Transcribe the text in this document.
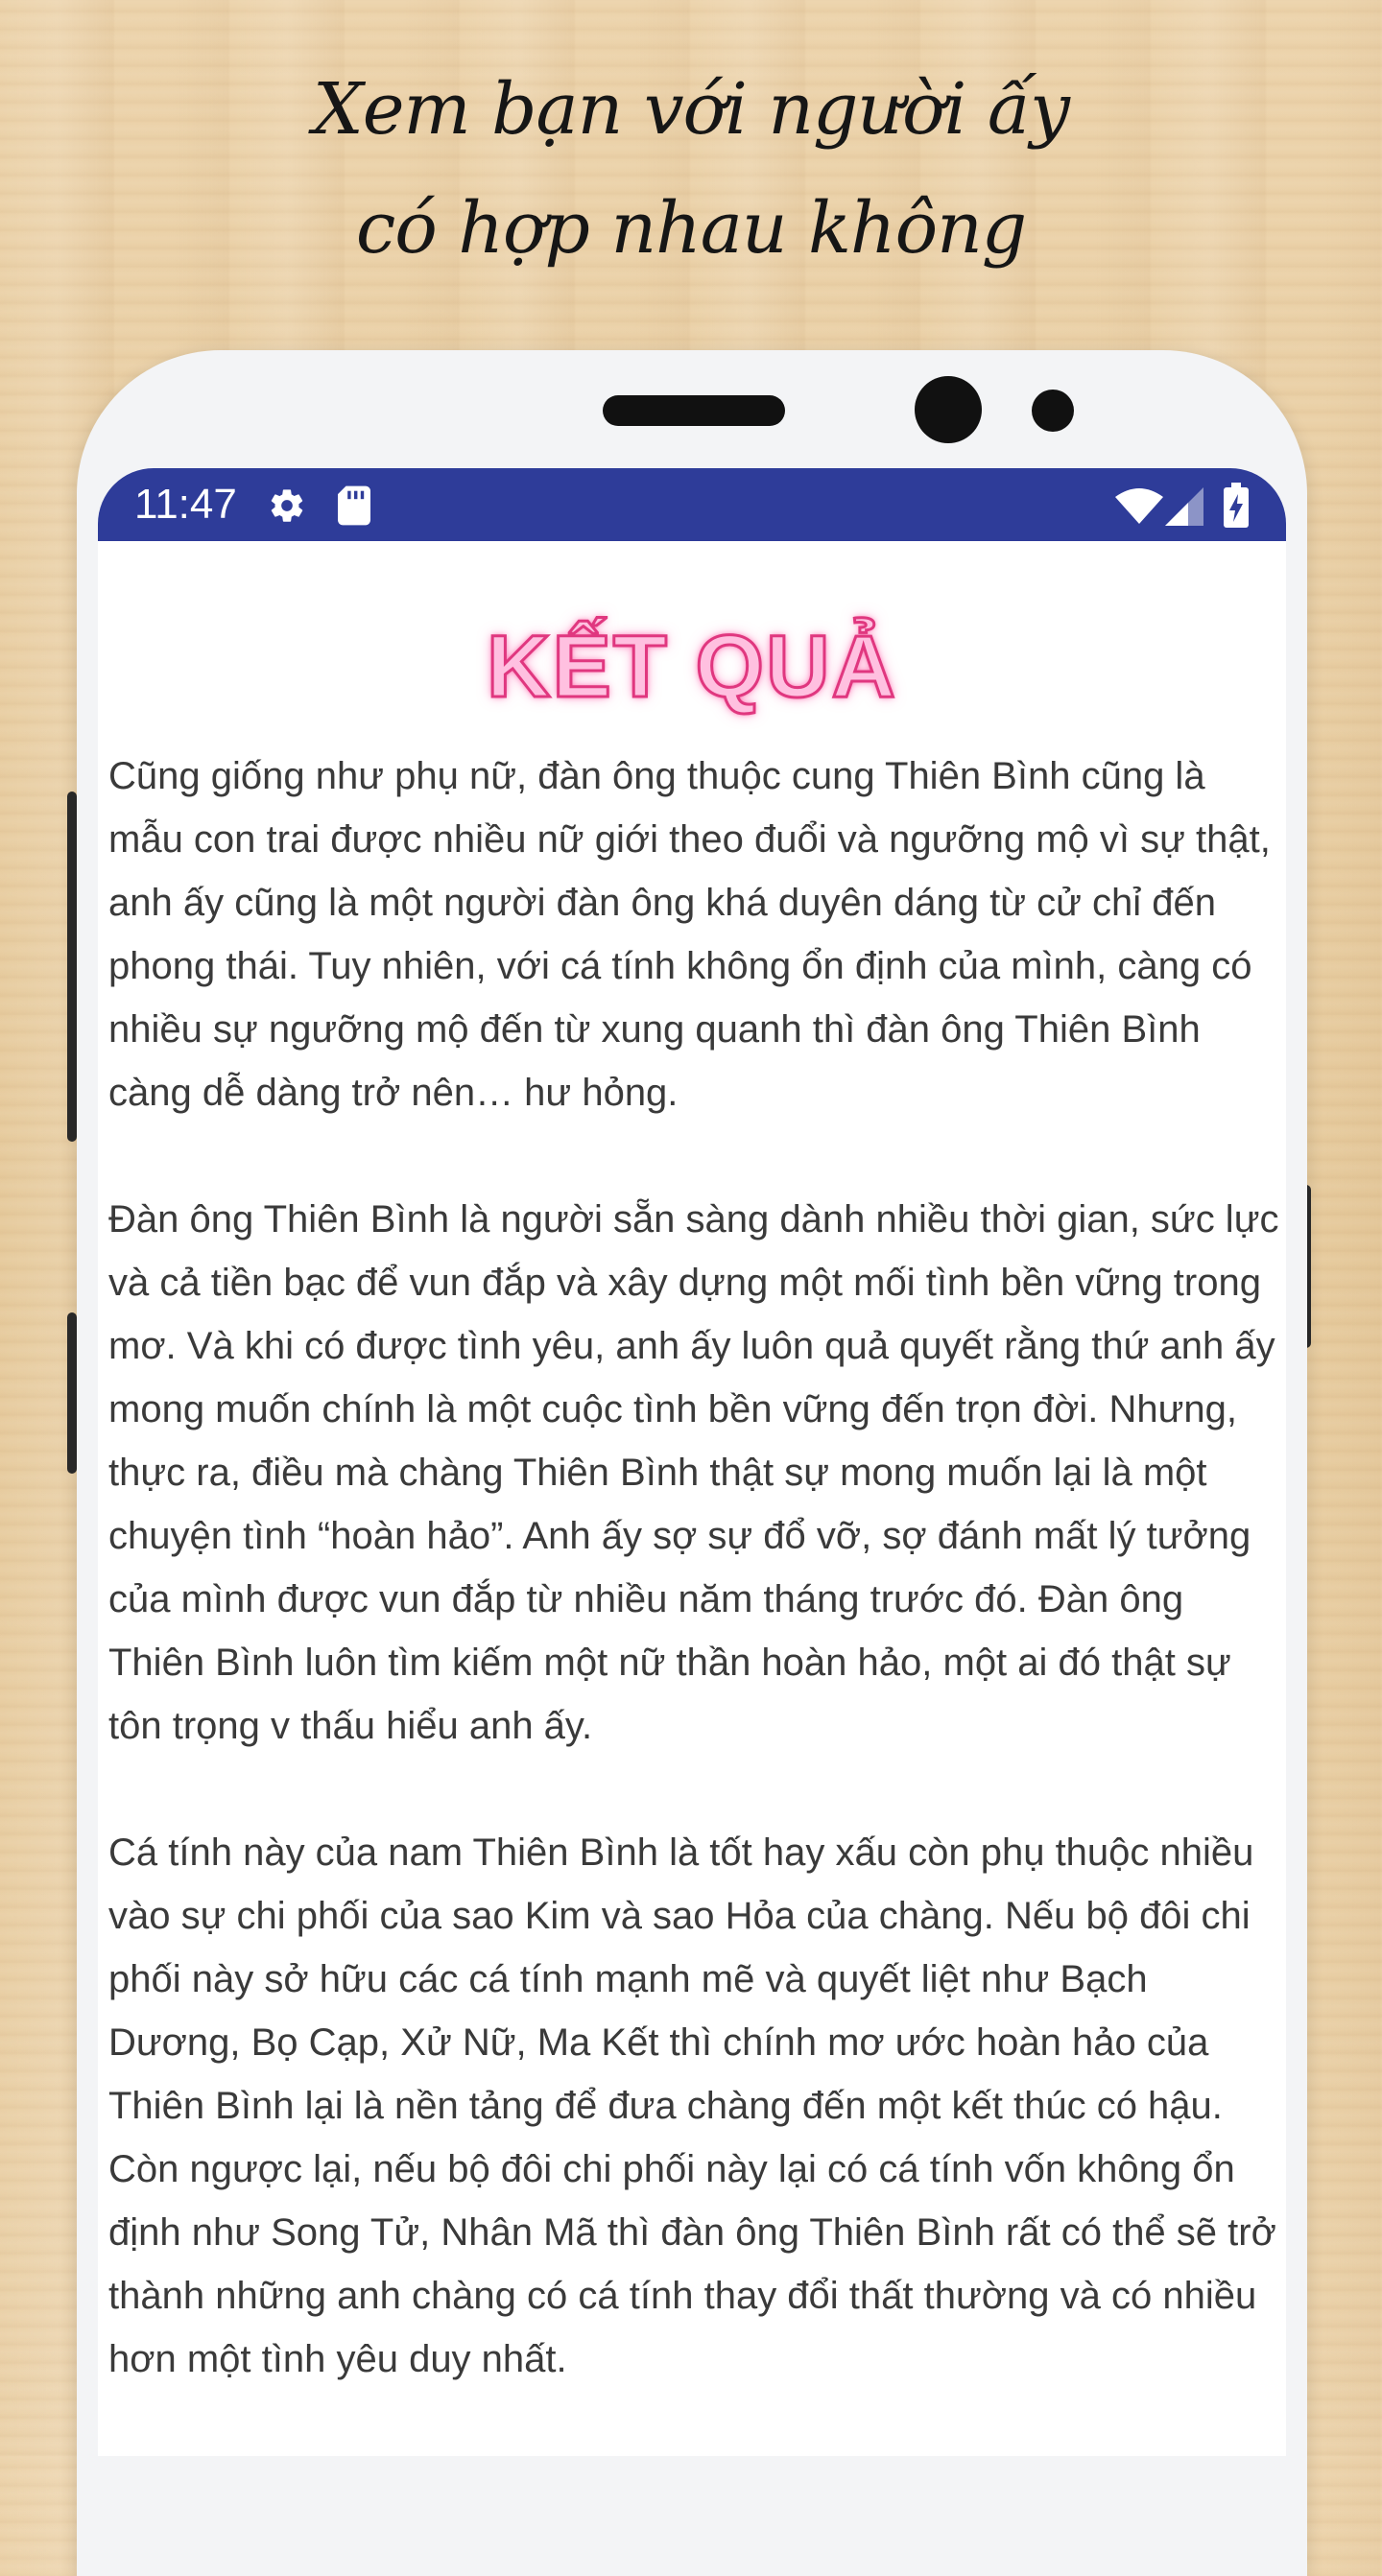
Xem bạn với người ấy
có hợp nhau không
11:47
KẾT QUẢ

Cũng giống như phụ nữ, đàn ông thuộc cung Thiên Bình cũng là mẫu con trai được nhiều nữ giới theo đuổi và ngưỡng mộ vì sự thật, anh ấy cũng là một người đàn ông khá duyên dáng từ cử chỉ đến phong thái. Tuy nhiên, với cá tính không ổn định của mình, càng có nhiều sự ngưỡng mộ đến từ xung quanh thì đàn ông Thiên Bình càng dễ dàng trở nên… hư hỏng.

Đàn ông Thiên Bình là người sẵn sàng dành nhiều thời gian, sức lực và cả tiền bạc để vun đắp và xây dựng một mối tình bền vững trong mơ. Và khi có được tình yêu, anh ấy luôn quả quyết rằng thứ anh ấy mong muốn chính là một cuộc tình bền vững đến trọn đời. Nhưng, thực ra, điều mà chàng Thiên Bình thật sự mong muốn lại là một chuyện tình “hoàn hảo”. Anh ấy sợ sự đổ vỡ, sợ đánh mất lý tưởng của mình được vun đắp từ nhiều năm tháng trước đó. Đàn ông Thiên Bình luôn tìm kiếm một nữ thần hoàn hảo, một ai đó thật sự tôn trọng v thấu hiểu anh ấy.

Cá tính này của nam Thiên Bình là tốt hay xấu còn phụ thuộc nhiều vào sự chi phối của sao Kim và sao Hỏa của chàng. Nếu bộ đôi chi phối này sở hữu các cá tính mạnh mẽ và quyết liệt như Bạch Dương, Bọ Cạp, Xử Nữ, Ma Kết thì chính mơ ước hoàn hảo của Thiên Bình lại là nền tảng để đưa chàng đến một kết thúc có hậu. Còn ngược lại, nếu bộ đôi chi phối này lại có cá tính vốn không ổn định như Song Tử, Nhân Mã thì đàn ông Thiên Bình rất có thể sẽ trở thành những anh chàng có cá tính thay đổi thất thường và có nhiều hơn một tình yêu duy nhất.
